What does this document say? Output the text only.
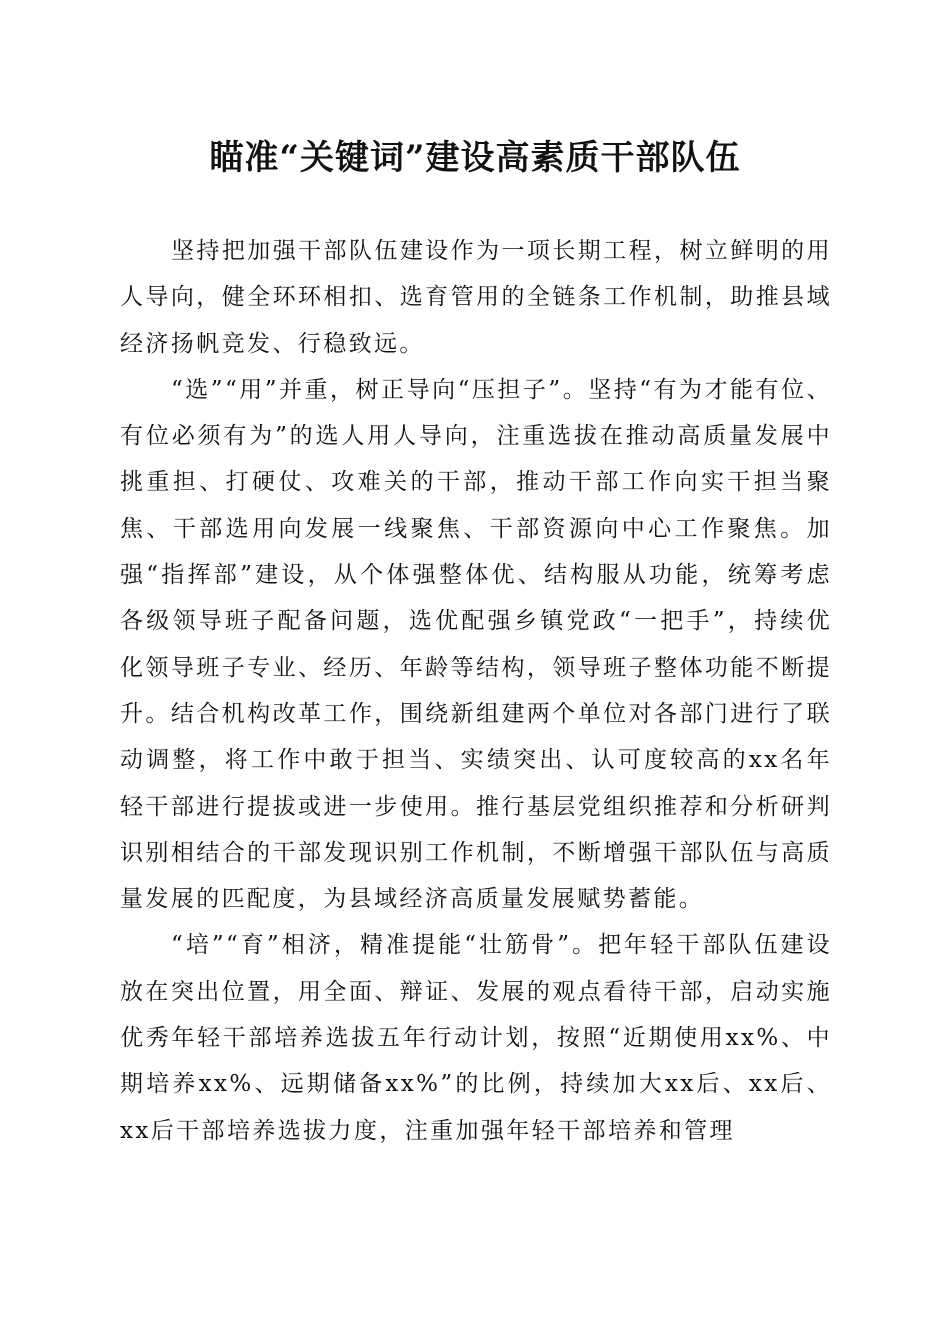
瞄准“关键词”建设高素质干部队伍

坚持把加强干部队伍建设作为一项长期工程，树立鲜明的用人导向，健全环环相扣、选育管用的全链条工作机制，助推县域经济扬帆竞发、行稳致远。

“选”“用”并重，树正导向“压担子”。坚持“有为才能有位、有位必须有为”的选人用人导向，注重选拔在推动高质量发展中挑重担、打硬仗、攻难关的干部，推动干部工作向实干担当聚焦、干部选用向发展一线聚焦、干部资源向中心工作聚焦。加强“指挥部”建设，从个体强整体优、结构服从功能，统筹考虑各级领导班子配备问题，选优配强乡镇党政“一把手”，持续优化领导班子专业、经历、年龄等结构，领导班子整体功能不断提升。结合机构改革工作，围绕新组建两个单位对各部门进行了联动调整，将工作中敢于担当、实绩突出、认可度较高的xx名年轻干部进行提拔或进一步使用。推行基层党组织推荐和分析研判识别相结合的干部发现识别工作机制，不断增强干部队伍与高质量发展的匹配度，为县域经济高质量发展赋势蓄能。

“培”“育”相济，精准提能“壮筋骨”。把年轻干部队伍建设放在突出位置，用全面、辩证、发展的观点看待干部，启动实施优秀年轻干部培养选拔五年行动计划，按照“近期使用xx%、中期培养xx%、远期储备xx%”的比例，持续加大xx后、xx后、xx后干部培养选拔力度，注重加强年轻干部培养和管理
